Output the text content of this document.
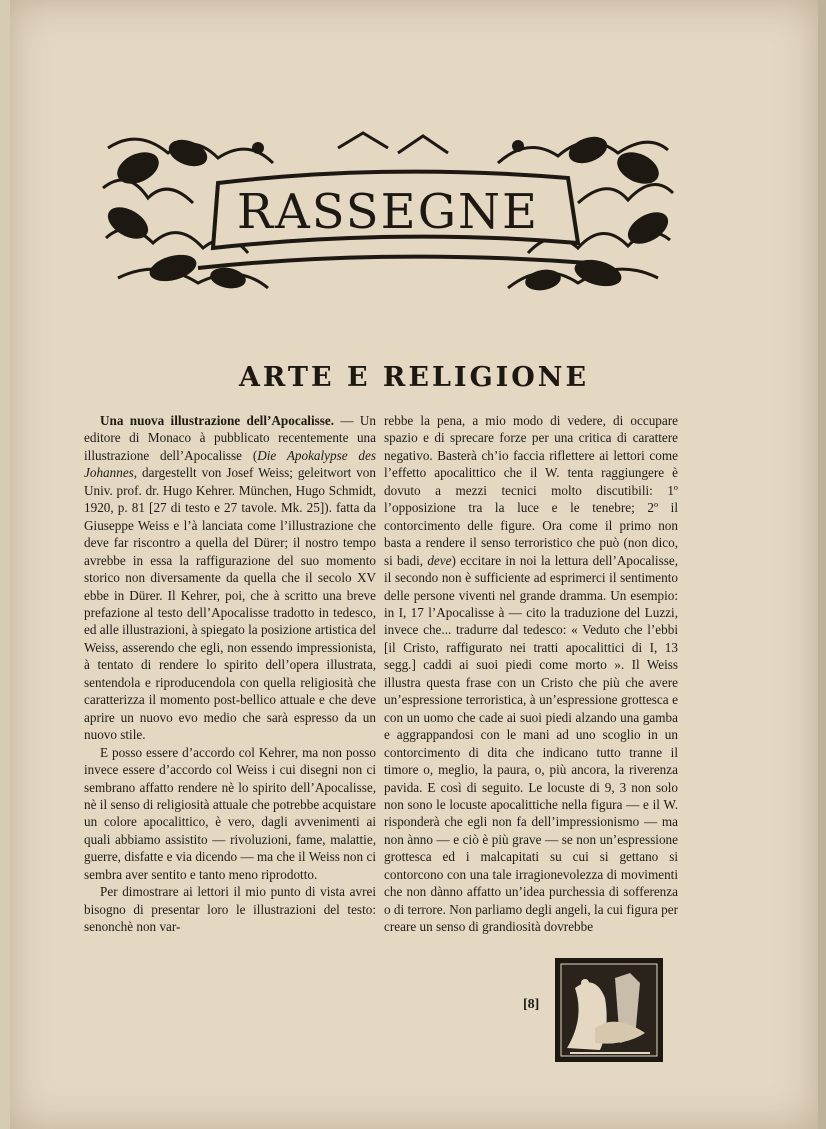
RASSEGNE
ARTE E RELIGIONE

Una nuova illustrazione dell’Apocalisse. — Un editore di Monaco à pubblicato recentemente una illustrazione dell’Apocalisse (Die Apokalypse des Johannes, dargestellt von Josef Weiss; geleitwort von Univ. prof. dr. Hugo Kehrer. München, Hugo Schmidt, 1920, p. 81 [27 di testo e 27 tavole. Mk. 25]). fatta da Giuseppe Weiss e l’à lanciata come l’illustrazione che deve far riscontro a quella del Dürer; il nostro tempo avrebbe in essa la raffigurazione del suo momento storico non diversamente da quella che il secolo XV ebbe in Dürer. Il Kehrer, poi, che à scritto una breve prefazione al testo dell’Apocalisse tradotto in tedesco, ed alle illustrazioni, à spiegato la posizione artistica del Weiss, asserendo che egli, non essendo impressionista, à tentato di rendere lo spirito dell’opera illustrata, sentendola e riproducendola con quella religiosità che caratterizza il momento post-bellico attuale e che deve aprire un nuovo evo medio che sarà espresso da un nuovo stile.

E posso essere d’accordo col Kehrer, ma non posso invece essere d’accordo col Weiss i cui disegni non ci sembrano affatto rendere nè lo spirito dell’Apocalisse, nè il senso di religiosità attuale che potrebbe acquistare un colore apocalittico, è vero, dagli avvenimenti ai quali abbiamo assistito — rivoluzioni, fame, malattie, guerre, disfatte e via dicendo — ma che il Weiss non ci sembra aver sentito e tanto meno riprodotto.

Per dimostrare ai lettori il mio punto di vista avrei bisogno di presentar loro le illustrazioni del testo: senonchè non var-

rebbe la pena, a mio modo di vedere, di occupare spazio e di sprecare forze per una critica di carattere negativo. Basterà ch’io faccia riflettere ai lettori come l’effetto apocalittico che il W. tenta raggiungere è dovuto a mezzi tecnici molto discutibili: 1º l’opposizione tra la luce e le tenebre; 2º il contorcimento delle figure. Ora come il primo non basta a rendere il senso terroristico che può (non dico, si badi, deve) eccitare in noi la lettura dell’Apocalisse, il secondo non è sufficiente ad esprimerci il sentimento delle persone viventi nel grande dramma. Un esempio: in I, 17 l’Apocalisse à — cito la traduzione del Luzzi, invece che... tradurre dal tedesco: « Veduto che l’ebbi [il Cristo, raffigurato nei tratti apocalittici di I, 13 segg.] caddi ai suoi piedi come morto ». Il Weiss illustra questa frase con un Cristo che più che avere un’espressione terroristica, à un’espressione grottesca e con un uomo che cade ai suoi piedi alzando una gamba e aggrappandosi con le mani ad uno scoglio in un contorcimento di dita che indicano tutto tranne il timore o, meglio, la paura, o, più ancora, la riverenza pavida. E così di seguito. Le locuste di 9, 3 non solo non sono le locuste apocalittiche nella figura — e il W. risponderà che egli non fa dell’impressionismo — ma non ànno — e ciò è più grave — se non un’espressione grottesca ed i malcapitati su cui si gettano si contorcono con una tale irragionevolezza di movimenti che non dànno affatto un’idea purchessia di sofferenza o di terrore. Non parliamo degli angeli, la cui figura per creare un senso di grandiosità dovrebbe

[8]
